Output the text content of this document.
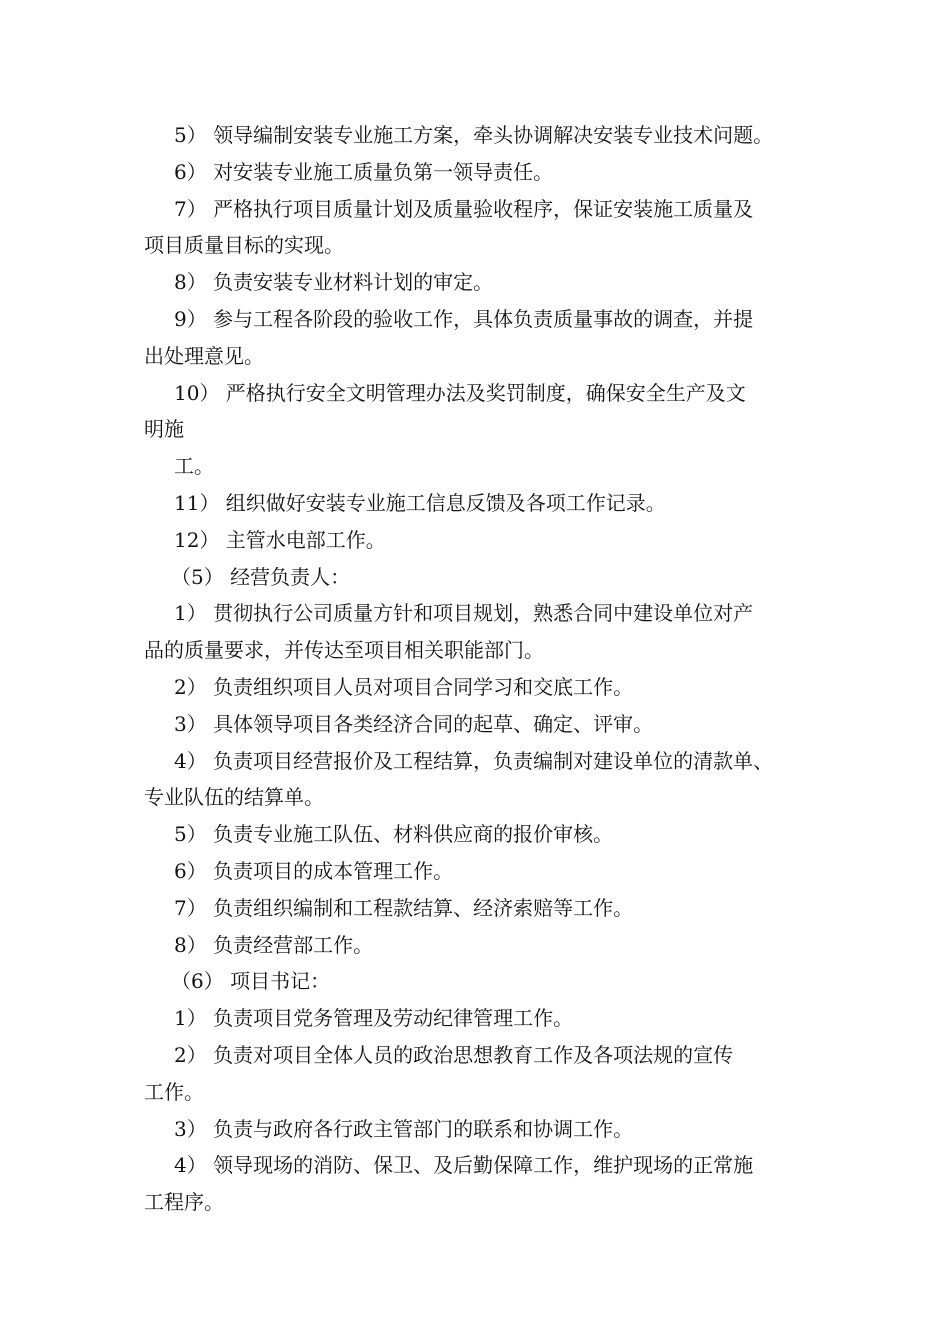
5） 领导编制安装专业施工方案，牵头协调解决安装专业技术问题。
6） 对安装专业施工质量负第一领导责任。
7） 严格执行项目质量计划及质量验收程序，保证安装施工质量及
项目质量目标的实现。
8） 负责安装专业材料计划的审定。
9） 参与工程各阶段的验收工作，具体负责质量事故的调查，并提
出处理意见。
10） 严格执行安全文明管理办法及奖罚制度，确保安全生产及文
明施
工。
11） 组织做好安装专业施工信息反馈及各项工作记录。
12） 主管水电部工作。
（5） 经营负责人：
1） 贯彻执行公司质量方针和项目规划，熟悉合同中建设单位对产
品的质量要求，并传达至项目相关职能部门。
2） 负责组织项目人员对项目合同学习和交底工作。
3） 具体领导项目各类经济合同的起草、确定、评审。
4） 负责项目经营报价及工程结算，负责编制对建设单位的清款单、
专业队伍的结算单。
5） 负责专业施工队伍、材料供应商的报价审核。
6） 负责项目的成本管理工作。
7） 负责组织编制和工程款结算、经济索赔等工作。
8） 负责经营部工作。
（6） 项目书记：
1） 负责项目党务管理及劳动纪律管理工作。
2） 负责对项目全体人员的政治思想教育工作及各项法规的宣传
工作。
3） 负责与政府各行政主管部门的联系和协调工作。
4） 领导现场的消防、保卫、及后勤保障工作，维护现场的正常施
工程序。
